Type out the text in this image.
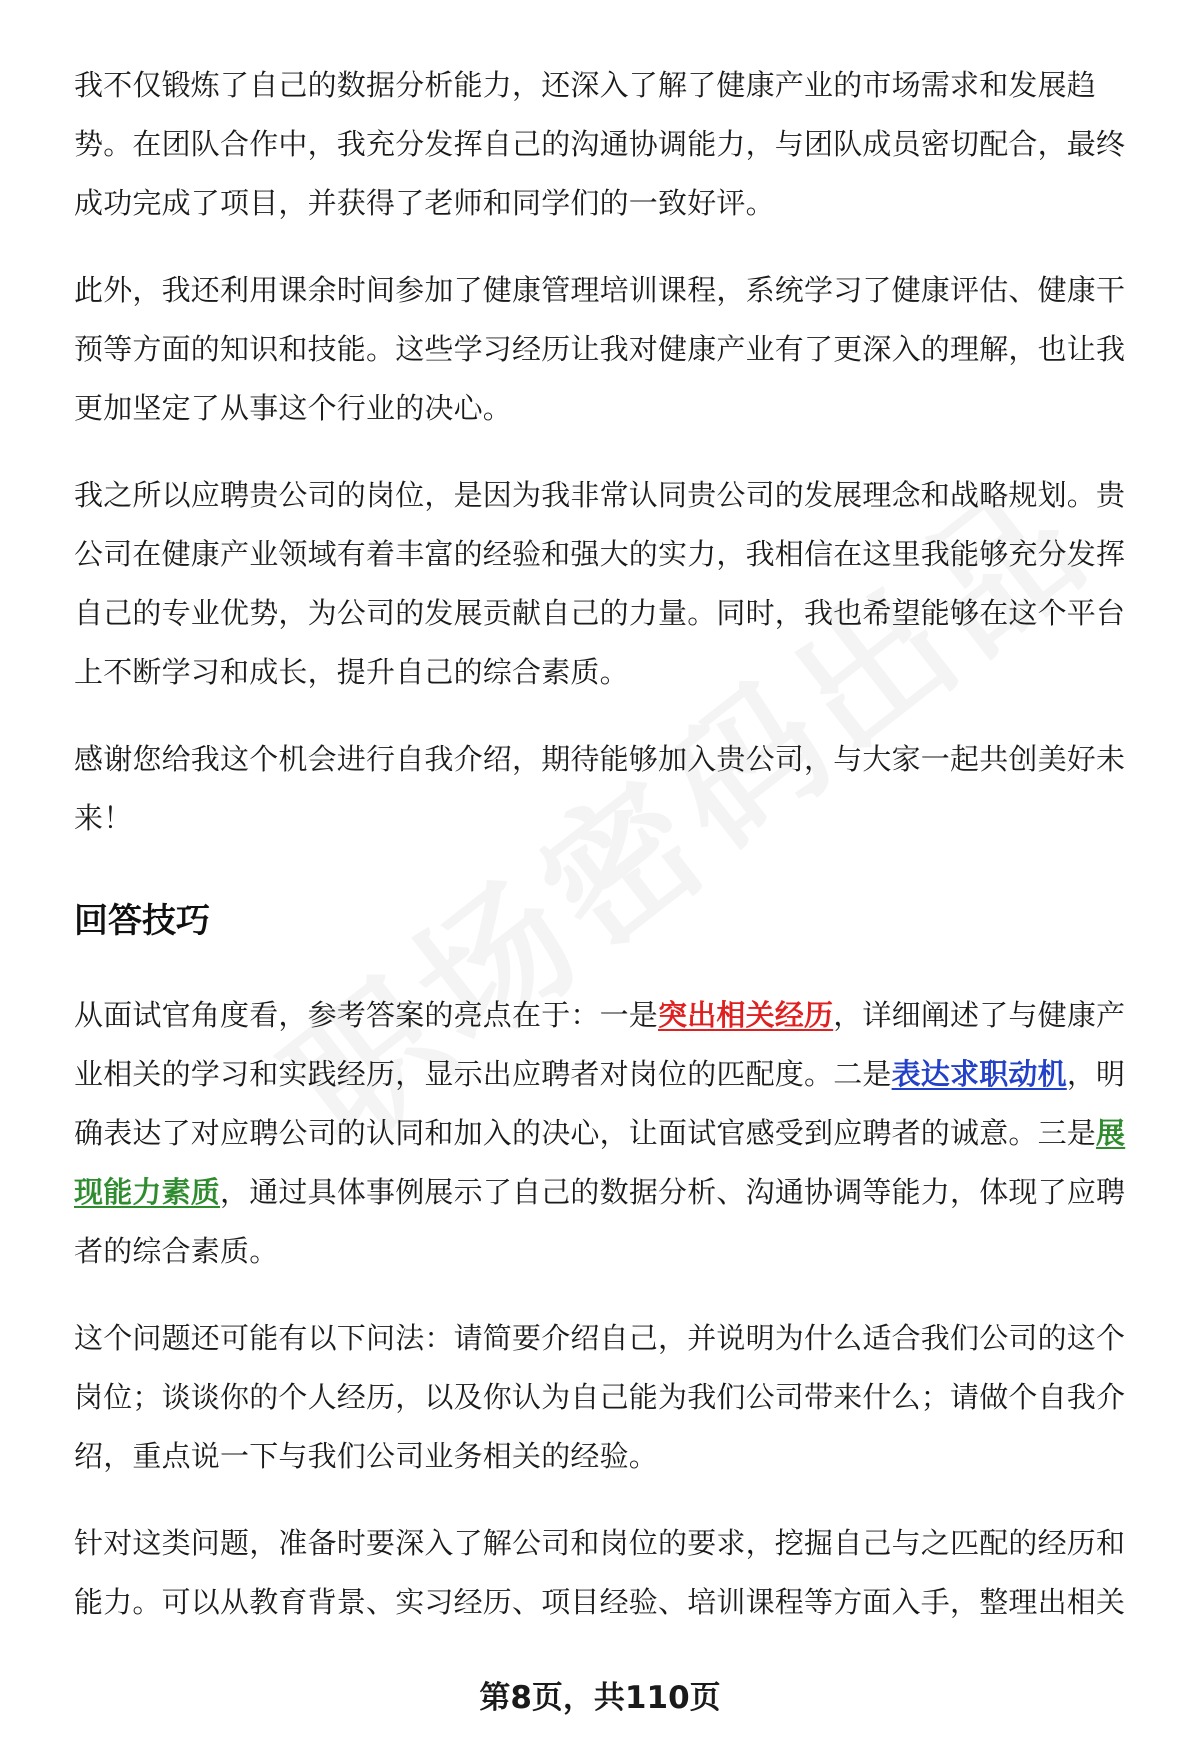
我不仅锻炼了自己的数据分析能力，还深入了解了健康产业的市场需求和发展趋势。在团队合作中，我充分发挥自己的沟通协调能力，与团队成员密切配合，最终成功完成了项目，并获得了老师和同学们的一致好评。

此外，我还利用课余时间参加了健康管理培训课程，系统学习了健康评估、健康干预等方面的知识和技能。这些学习经历让我对健康产业有了更深入的理解，也让我更加坚定了从事这个行业的决心。

我之所以应聘贵公司的岗位，是因为我非常认同贵公司的发展理念和战略规划。贵公司在健康产业领域有着丰富的经验和强大的实力，我相信在这里我能够充分发挥自己的专业优势，为公司的发展贡献自己的力量。同时，我也希望能够在这个平台上不断学习和成长，提升自己的综合素质。

感谢您给我这个机会进行自我介绍，期待能够加入贵公司，与大家一起共创美好未来！

回答技巧

从面试官角度看，参考答案的亮点在于：一是突出相关经历，详细阐述了与健康产业相关的学习和实践经历，显示出应聘者对岗位的匹配度。二是表达求职动机，明确表达了对应聘公司的认同和加入的决心，让面试官感受到应聘者的诚意。三是展现能力素质，通过具体事例展示了自己的数据分析、沟通协调等能力，体现了应聘者的综合素质。

这个问题还可能有以下问法：请简要介绍自己，并说明为什么适合我们公司的这个岗位；谈谈你的个人经历，以及你认为自己能为我们公司带来什么；请做个自我介绍，重点说一下与我们公司业务相关的经验。

针对这类问题，准备时要深入了解公司和岗位的要求，挖掘自己与之匹配的经历和能力。可以从教育背景、实习经历、项目经验、培训课程等方面入手，整理出相关

第8页，共110页
